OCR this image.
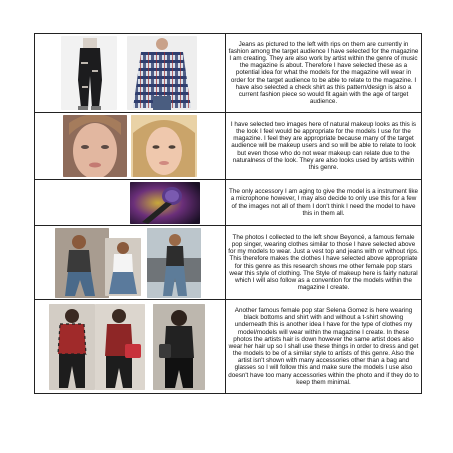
	Jeans as pictured to the left with rips on them are currently in fashion among the target audience I have selected for the magazine I am creating. They are also work by artist within the genre of music the magazine is about. Therefore I have selected these as a potential idea for what the models for the magazine will wear in order for the target audience to be able to relate to the magazine. I have also selected a check shirt as this pattern/design is also a current fashion piece so would fit again with the age of target audience.

	I have selected two images here of natural makeup looks as this is the look I feel would be appropriate for the models I use for the magazine. I feel they are appropriate because many of the target audience will be makeup users and so will be able to relate to look but even those who do not wear makeup can relate due to the naturalness of the look. They are also looks used by artists within this genre.

	The only accessory I am aging to give the model is a instrument like a microphone however, I may also decide to only use this for a few of the images not all of them I don't think I need the model to have this in them all.

	The photos I collected to the left show Beyoncé, a famous female pop singer, wearing clothes similar to those I have selected above for my models to wear. Just a vest top and jeans with or without rips. This therefore makes the clothes I have selected above appropriate for this genre as this research shows me other female pop stars wear this style of clothing. The Style of makeup here is fairly natural which I will also follow as a convention for the models within the magazine I create.

	Another famous female pop star Selena Gomez is here wearing black bottoms and shirt with and without a t-shirt showing underneath this is another idea I have for the type of clothes my model/models will wear within the magazine I create. In these photos the artists hair is down however the same artist does also wear her hair up so I shall use these things in order to dress and get the models to be of a similar style to artists of this genre. Also the artist isn't shown with many accessories other than a bag and glasses so I will follow this and make sure the models I use also doesn't have too many accessories within the photo and if they do to keep them minimal.
